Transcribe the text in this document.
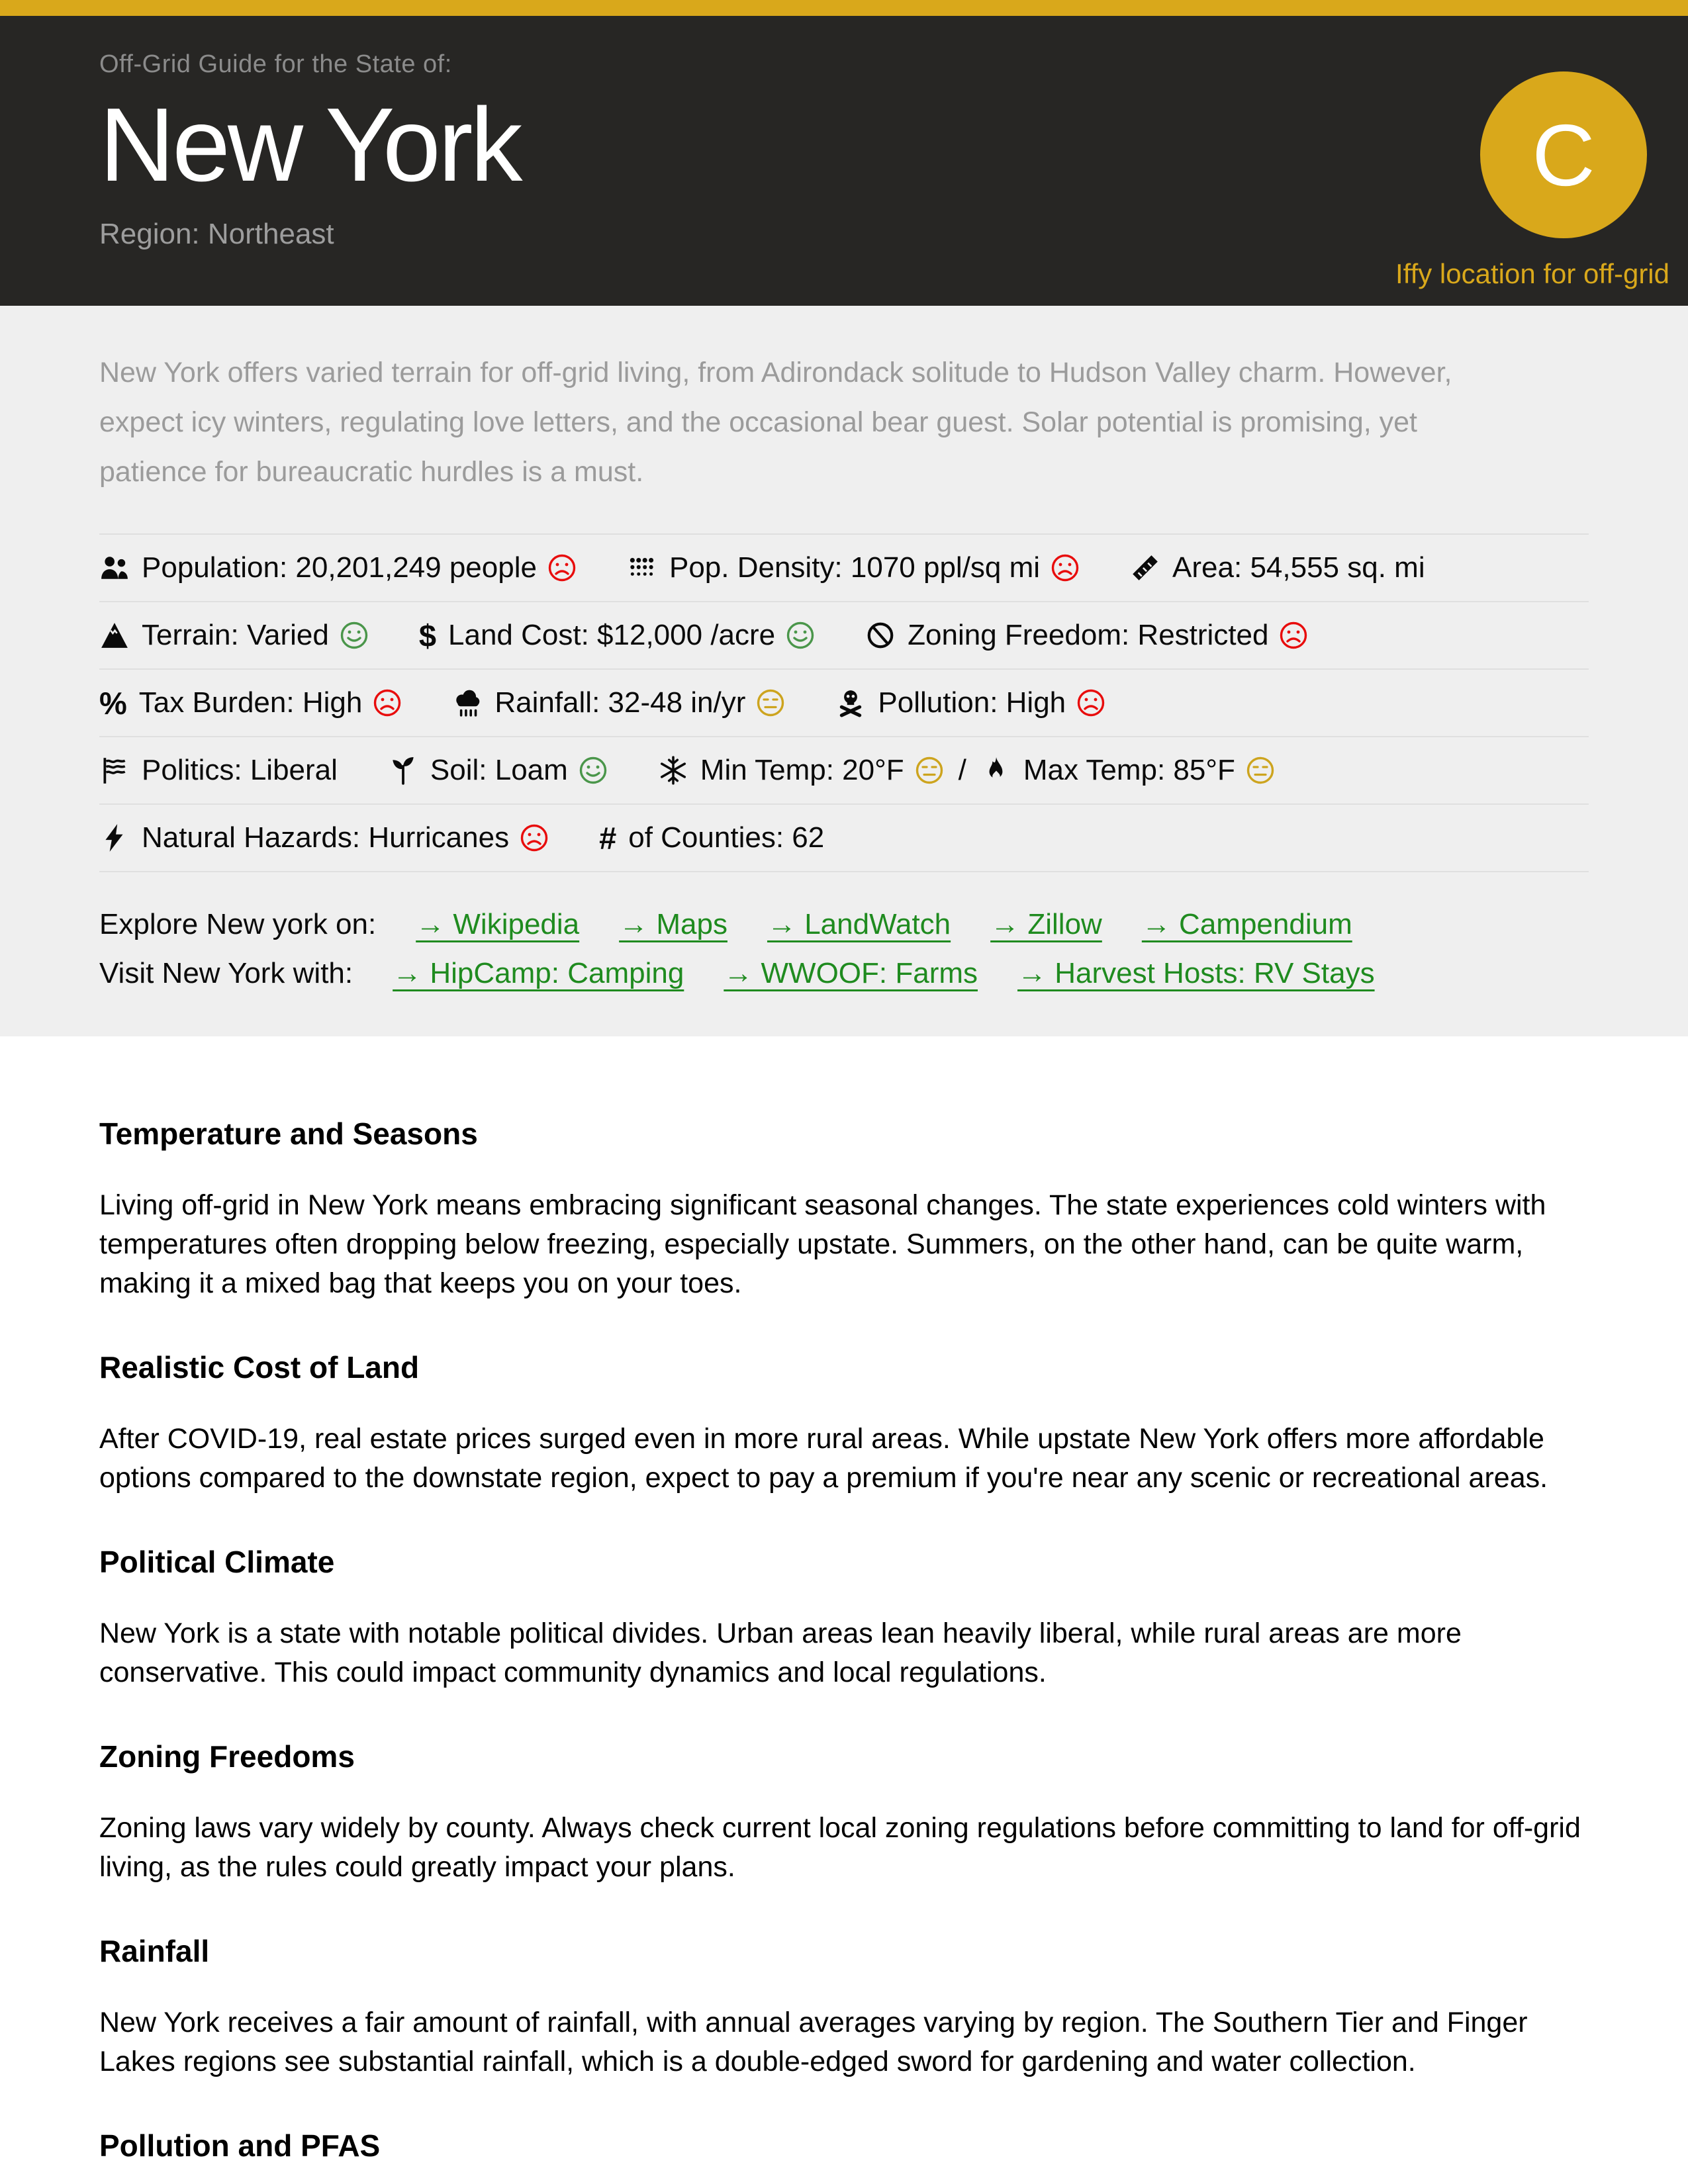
Off-Grid Guide for the State of:
New York
Region: Northeast
C
Iffy location for off-grid

New York offers varied terrain for off-grid living, from Adirondack solitude to Hudson Valley charm. However, expect icy winters, regulating love letters, and the occasional bear guest. Solar potential is promising, yet patience for bureaucratic hurdles is a must.

Population: 20,201,249 people	Pop. Density: 1070 ppl/sq mi	Area: 54,555 sq. mi
Terrain: Varied	$ Land Cost: $12,000 /acre	Zoning Freedom: Restricted
% Tax Burden: High	Rainfall: 32-48 in/yr	Pollution: High
Politics: Liberal	Soil: Loam	Min Temp: 20°F / Max Temp: 85°F
Natural Hazards: Hurricanes	# of Counties: 62
Explore New york on: → Wikipedia → Maps → LandWatch → Zillow → Campendium
Visit New York with: → HipCamp: Camping → WWOOF: Farms → Harvest Hosts: RV Stays
Temperature and Seasons

Living off-grid in New York means embracing significant seasonal changes. The state experiences cold winters with temperatures often dropping below freezing, especially upstate. Summers, on the other hand, can be quite warm, making it a mixed bag that keeps you on your toes.

Realistic Cost of Land

After COVID-19, real estate prices surged even in more rural areas. While upstate New York offers more affordable options compared to the downstate region, expect to pay a premium if you're near any scenic or recreational areas.

Political Climate

New York is a state with notable political divides. Urban areas lean heavily liberal, while rural areas are more conservative. This could impact community dynamics and local regulations.

Zoning Freedoms

Zoning laws vary widely by county. Always check current local zoning regulations before committing to land for off-grid living, as the rules could greatly impact your plans.

Rainfall

New York receives a fair amount of rainfall, with annual averages varying by region. The Southern Tier and Finger Lakes regions see substantial rainfall, which is a double-edged sword for gardening and water collection.

Pollution and PFAS
